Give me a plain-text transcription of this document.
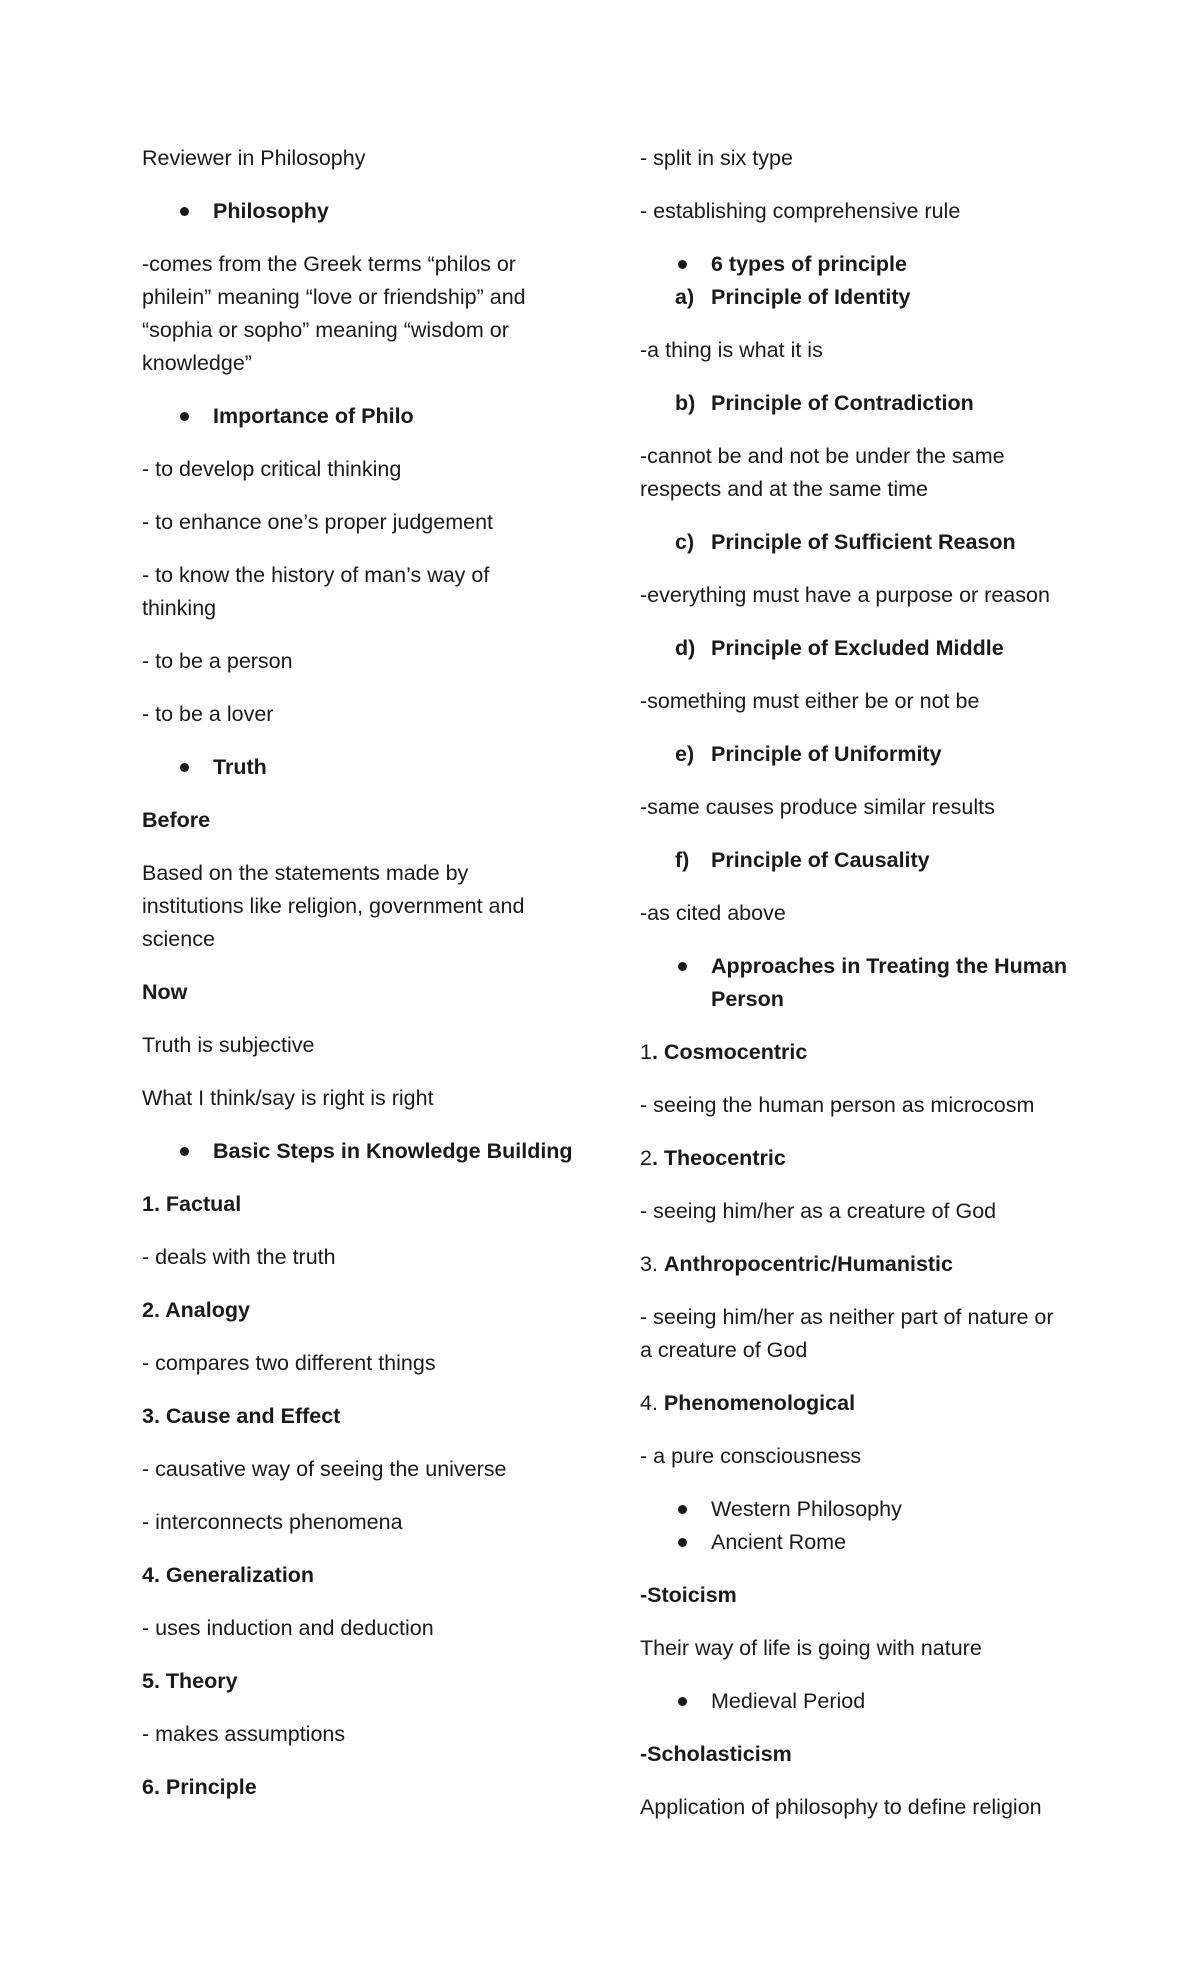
Reviewer in Philosophy
Philosophy
-comes from the Greek terms “philos or
philein” meaning “love or friendship” and
“sophia or sopho” meaning “wisdom or
knowledge”
Importance of Philo
- to develop critical thinking
- to enhance one’s proper judgement
- to know the history of man’s way of
thinking
- to be a person
- to be a lover
Truth
Before
Based on the statements made by
institutions like religion, government and
science
Now
Truth is subjective
What I think/say is right is right
Basic Steps in Knowledge Building
1. Factual
- deals with the truth
2. Analogy
- compares two different things
3. Cause and Effect
- causative way of seeing the universe
- interconnects phenomena
4. Generalization
- uses induction and deduction
5. Theory
- makes assumptions
6. Principle
- split in six type
- establishing comprehensive rule
6 types of principle
a) Principle of Identity
-a thing is what it is
b) Principle of Contradiction
-cannot be and not be under the same
respects and at the same time
c) Principle of Sufficient Reason
-everything must have a purpose or reason
d) Principle of Excluded Middle
-something must either be or not be
e) Principle of Uniformity
-same causes produce similar results
f) Principle of Causality
-as cited above
Approaches in Treating the Human
Person
1. Cosmocentric
- seeing the human person as microcosm
2. Theocentric
- seeing him/her as a creature of God
3. Anthropocentric/Humanistic
- seeing him/her as neither part of nature or
a creature of God
4. Phenomenological
- a pure consciousness
Western Philosophy
Ancient Rome
-Stoicism
Their way of life is going with nature
Medieval Period
-Scholasticism
Application of philosophy to define religion
